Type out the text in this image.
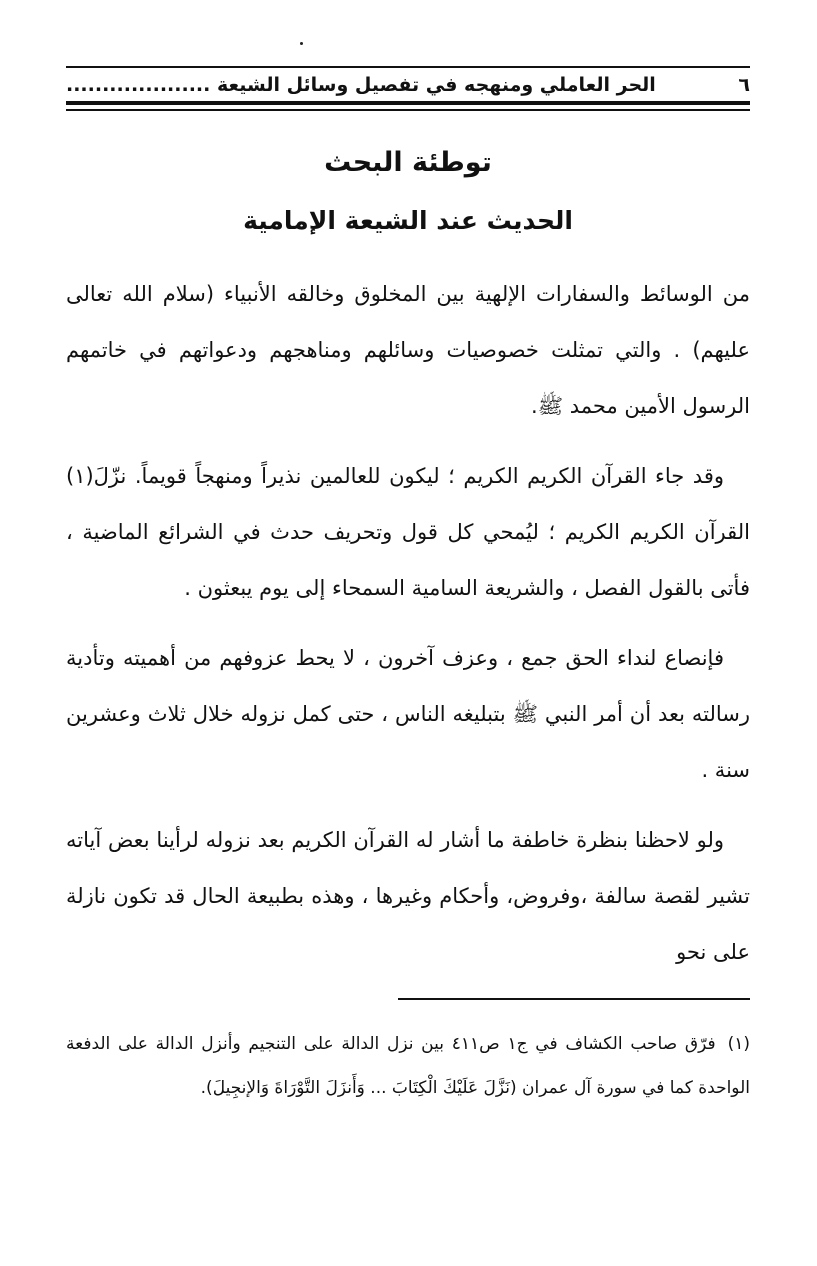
٦
الحر العاملي ومنهجه في تفصيل وسائل الشيعة ....................
توطئة البحث
الحديث عند الشيعة الإمامية

من الوسائط والسفارات الإلهية بين المخلوق وخالقه الأنبياء (سلام الله تعالى عليهم) . والتي تمثلت خصوصيات وسائلهم ومناهجهم ودعواتهم في خاتمهم الرسول الأمين محمد ﷺ.

وقد جاء القرآن الكريم الكريم ؛ ليكون للعالمين نذيراً ومنهجاً قويماً. نزّلَ(١) القرآن الكريم الكريم ؛ ليُمحي كل قول وتحريف حدث في الشرائع الماضية ، فأتى بالقول الفصل ، والشريعة السامية السمحاء إلى يوم يبعثون .

فإنصاع لنداء الحق جمع ، وعزف آخرون ، لا يحط عزوفهم من أهميته وتأدية رسالته بعد أن أمر النبي ﷺ بتبليغه الناس ، حتى كمل نزوله خلال ثلاث وعشرين سنة .

ولو لاحظنا بنظرة خاطفة ما أشار له القرآن الكريم بعد نزوله لرأينا بعض آياته تشير لقصة سالفة ،وفروض، وأحكام وغيرها ، وهذه بطبيعة الحال قد تكون نازلة على نحو

(١)فرّق صاحب الكشاف في ج١ ص٤١١ بين نزل الدالة على التنجيم وأنزل الدالة على الدفعة الواحدة كما في سورة آل عمران (نَزَّلَ عَلَيْكَ الْكِتَابَ ... وَأَنزَلَ التَّوْرَاةَ وَالإنجِيلَ).
